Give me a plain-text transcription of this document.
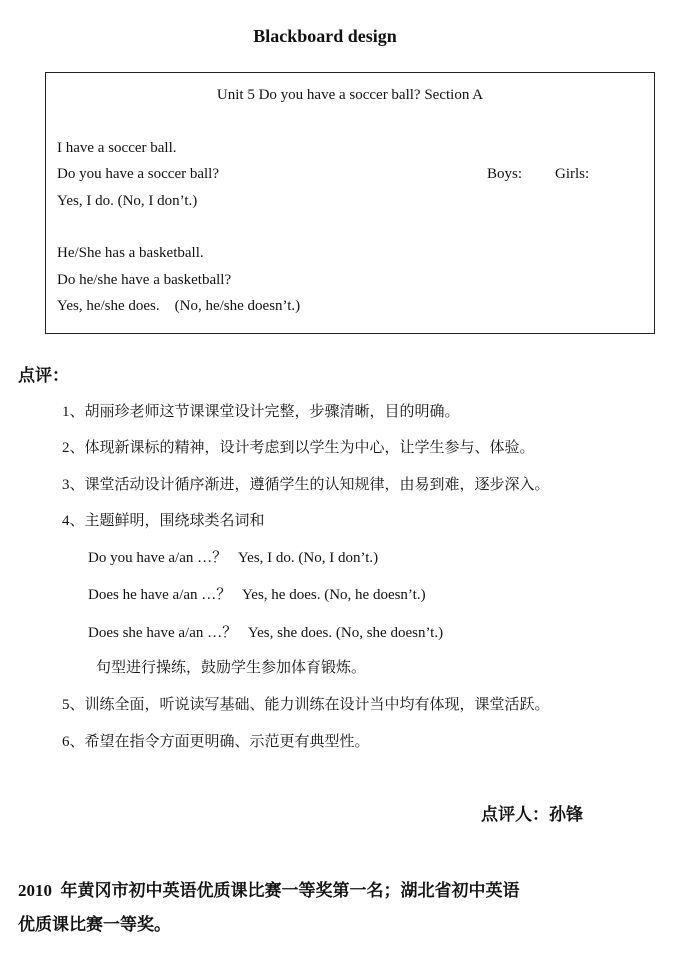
Blackboard design
Unit 5 Do you have a soccer ball? Section A
I have a soccer ball.
Do you have a soccer ball?
Yes, I do. (No, I don’t.)
He/She has a basketball.
Do he/she have a basketball?
Yes, he/she does.    (No, he/she doesn’t.)
Boys: Girls:
点评：
1、胡丽珍老师这节课课堂设计完整，步骤清晰，目的明确。
2、体现新课标的精神，设计考虑到以学生为中心，让学生参与、体验。
3、课堂活动设计循序渐进，遵循学生的认知规律，由易到难，逐步深入。
4、主题鲜明，围绕球类名词和
Do you have a/an …？   Yes, I do. (No, I don’t.)
Does he have a/an …？   Yes, he does. (No, he doesn’t.)
Does she have a/an …？   Yes, she does. (No, she doesn’t.)
句型进行操练，鼓励学生参加体育锻炼。
5、训练全面，听说读写基础、能力训练在设计当中均有体现，课堂活跃。
6、希望在指令方面更明确、示范更有典型性。
点评人：孙锋
2010  年黄冈市初中英语优质课比赛一等奖第一名；湖北省初中英语
优质课比赛一等奖。
